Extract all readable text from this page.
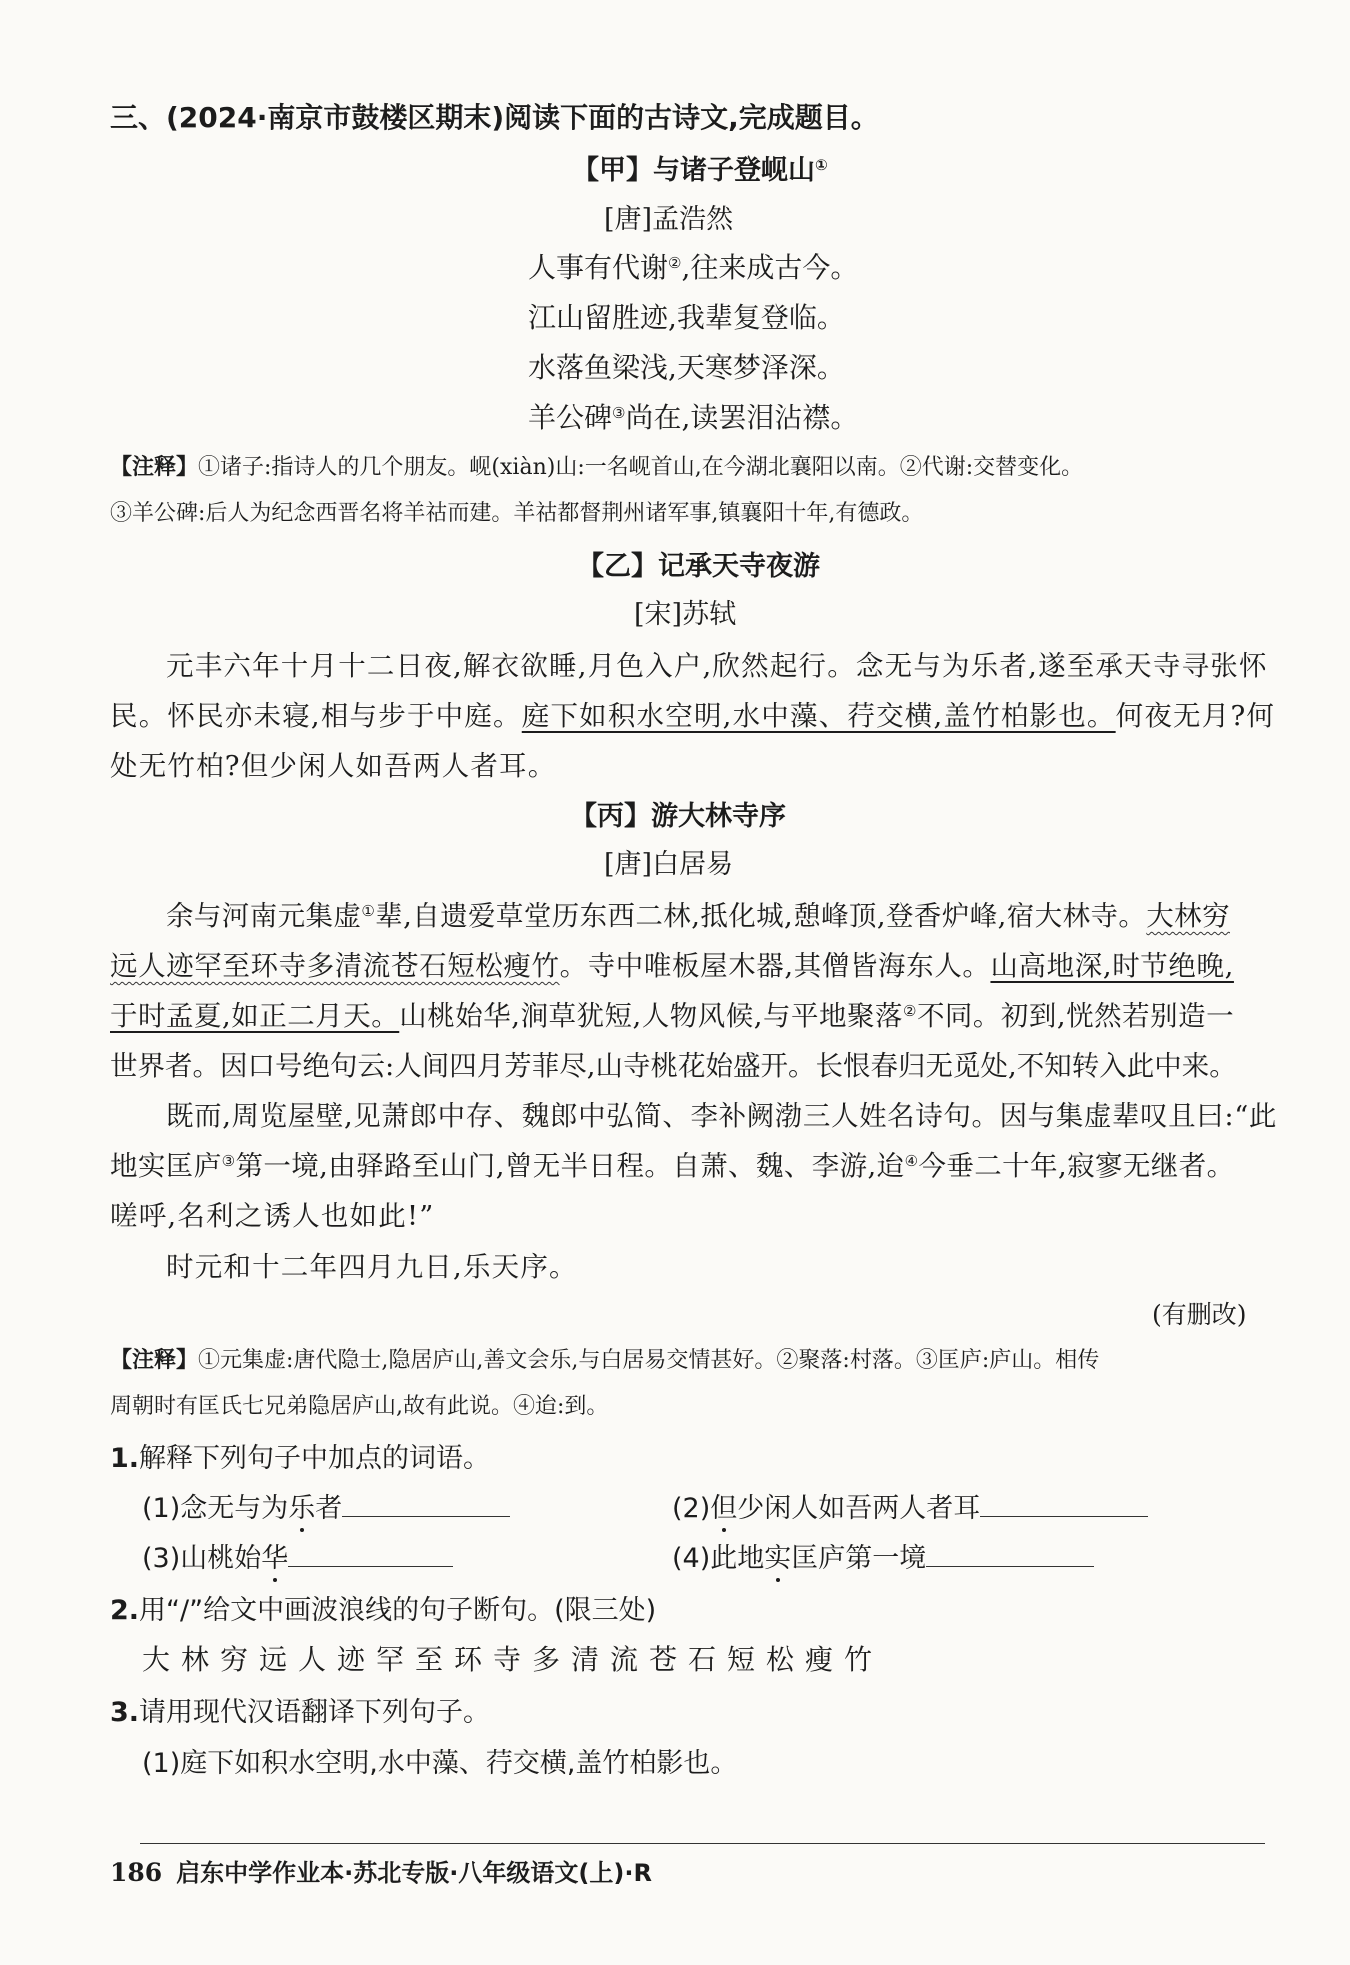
三、(2024·南京市鼓楼区期末)阅读下面的古诗文,完成题目。
【甲】与诸子登岘山①
[唐]孟浩然
人事有代谢②,往来成古今。
江山留胜迹,我辈复登临。
水落鱼梁浅,天寒梦泽深。
羊公碑③尚在,读罢泪沾襟。
【注释】①诸子:指诗人的几个朋友。岘(xiàn)山:一名岘首山,在今湖北襄阳以南。②代谢:交替变化。
③羊公碑:后人为纪念西晋名将羊祜而建。羊祜都督荆州诸军事,镇襄阳十年,有德政。
【乙】记承天寺夜游
[宋]苏轼
元丰六年十月十二日夜,解衣欲睡,月色入户,欣然起行。念无与为乐者,遂至承天寺寻张怀
民。怀民亦未寝,相与步于中庭。庭下如积水空明,水中藻、荇交横,盖竹柏影也。何夜无月?何
处无竹柏?但少闲人如吾两人者耳。
【丙】游大林寺序
[唐]白居易
余与河南元集虚①辈,自遗爱草堂历东西二林,抵化城,憩峰顶,登香炉峰,宿大林寺。大林穷
远人迹罕至环寺多清流苍石短松瘦竹。寺中唯板屋木器,其僧皆海东人。山高地深,时节绝晚,
于时孟夏,如正二月天。山桃始华,涧草犹短,人物风候,与平地聚落②不同。初到,恍然若别造一
世界者。因口号绝句云:人间四月芳菲尽,山寺桃花始盛开。长恨春归无觅处,不知转入此中来。
既而,周览屋壁,见萧郎中存、魏郎中弘简、李补阙渤三人姓名诗句。因与集虚辈叹且曰:“此
地实匡庐③第一境,由驿路至山门,曾无半日程。自萧、魏、李游,迨④今垂二十年,寂寥无继者。
嗟呼,名利之诱人也如此!”
时元和十二年四月九日,乐天序。
(有删改)
【注释】①元集虚:唐代隐士,隐居庐山,善文会乐,与白居易交情甚好。②聚落:村落。③匡庐:庐山。相传
周朝时有匡氏七兄弟隐居庐山,故有此说。④迨:到。
1.解释下列句子中加点的词语。
(1)念无与为乐者	(2)但少闲人如吾两人者耳
(3)山桃始华	(4)此地实匡庐第一境
2.用“/”给文中画波浪线的句子断句。(限三处)
大林穷远人迹罕至环寺多清流苍石短松瘦竹
3.请用现代汉语翻译下列句子。
(1)庭下如积水空明,水中藻、荇交横,盖竹柏影也。
186 启东中学作业本·苏北专版·八年级语文(上)·R
